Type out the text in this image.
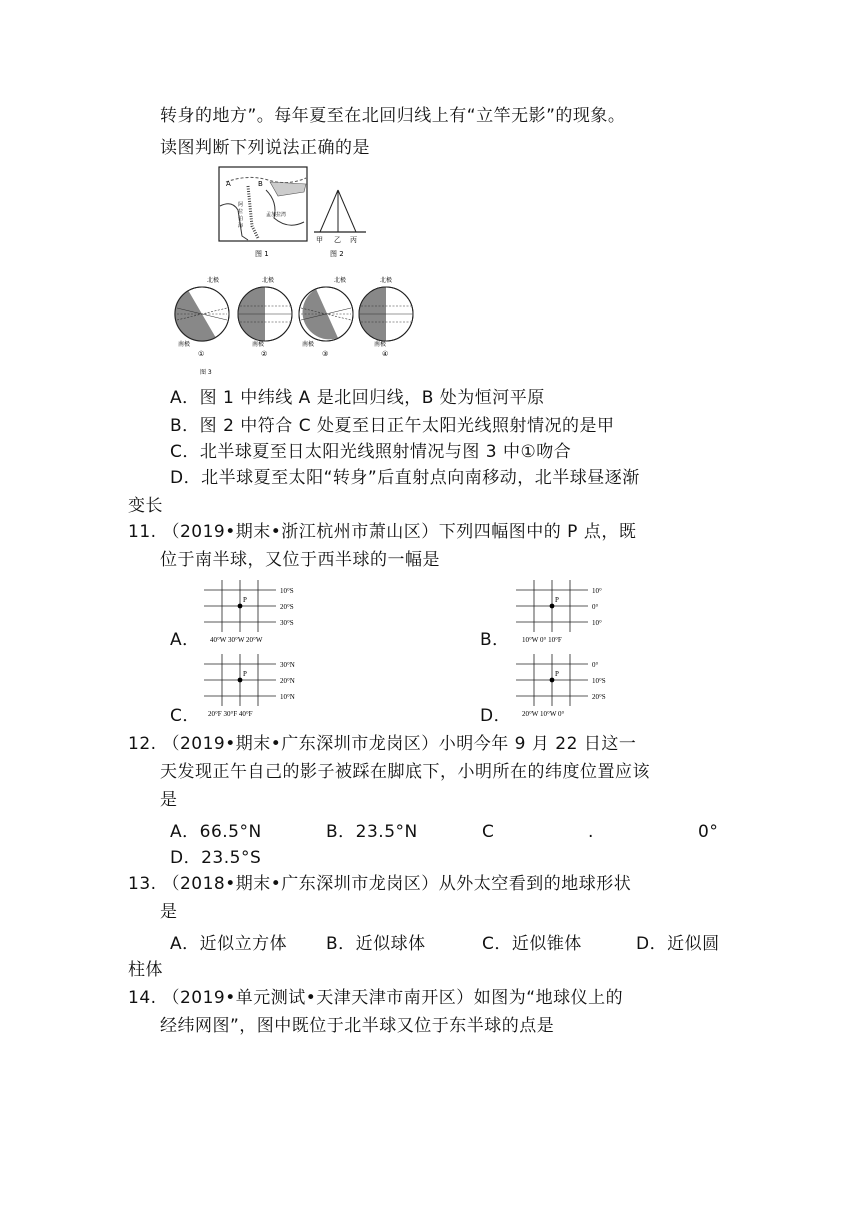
转身的地方”。每年夏至在北回归线上有“立竿无影”的现象。
读图判断下列说法正确的是
A	B
阿
拉
伯
海
孟加拉湾
图 1
甲 乙 丙
图 2
北极
南极
①
北极
南极
②
北极
南极
③
北极
南极
④
图 3
A．图 1 中纬线 A 是北回归线，B 处为恒河平原
B．图 2 中符合 C 处夏至日正午太阳光线照射情况的是甲
C．北半球夏至日太阳光线照射情况与图 3 中①吻合
D．北半球夏至太阳“转身”后直射点向南移动，北半球昼逐渐
变长
11. （2019•期末•浙江杭州市萧山区）下列四幅图中的 P 点，既
位于南半球，又位于西半球的一幅是
A．	B．
C．	D．
P
10°S
20°S
30°S
40°W 30°W 20°W
P
10°
0°
10°
10°W 0° 10°F
P
30°N
20°N
10°N
20°F 30°F 40°F
P
0°
10°S
20°S
20°W 10°W 0°
12. （2019•期末•广东深圳市龙岗区）小明今年 9 月 22 日这一
天发现正午自己的影子被踩在脚底下，小明所在的纬度位置应该
是
A．66.5°N	B．23.5°N	C	.	0°
D．23.5°S
13. （2018•期末•广东深圳市龙岗区）从外太空看到的地球形状
是
A．近似立方体 B．近似球体	C．近似锥体	D．近似圆
柱体
14. （2019•单元测试•天津天津市南开区）如图为“地球仪上的
经纬网图”，图中既位于北半球又位于东半球的点是
